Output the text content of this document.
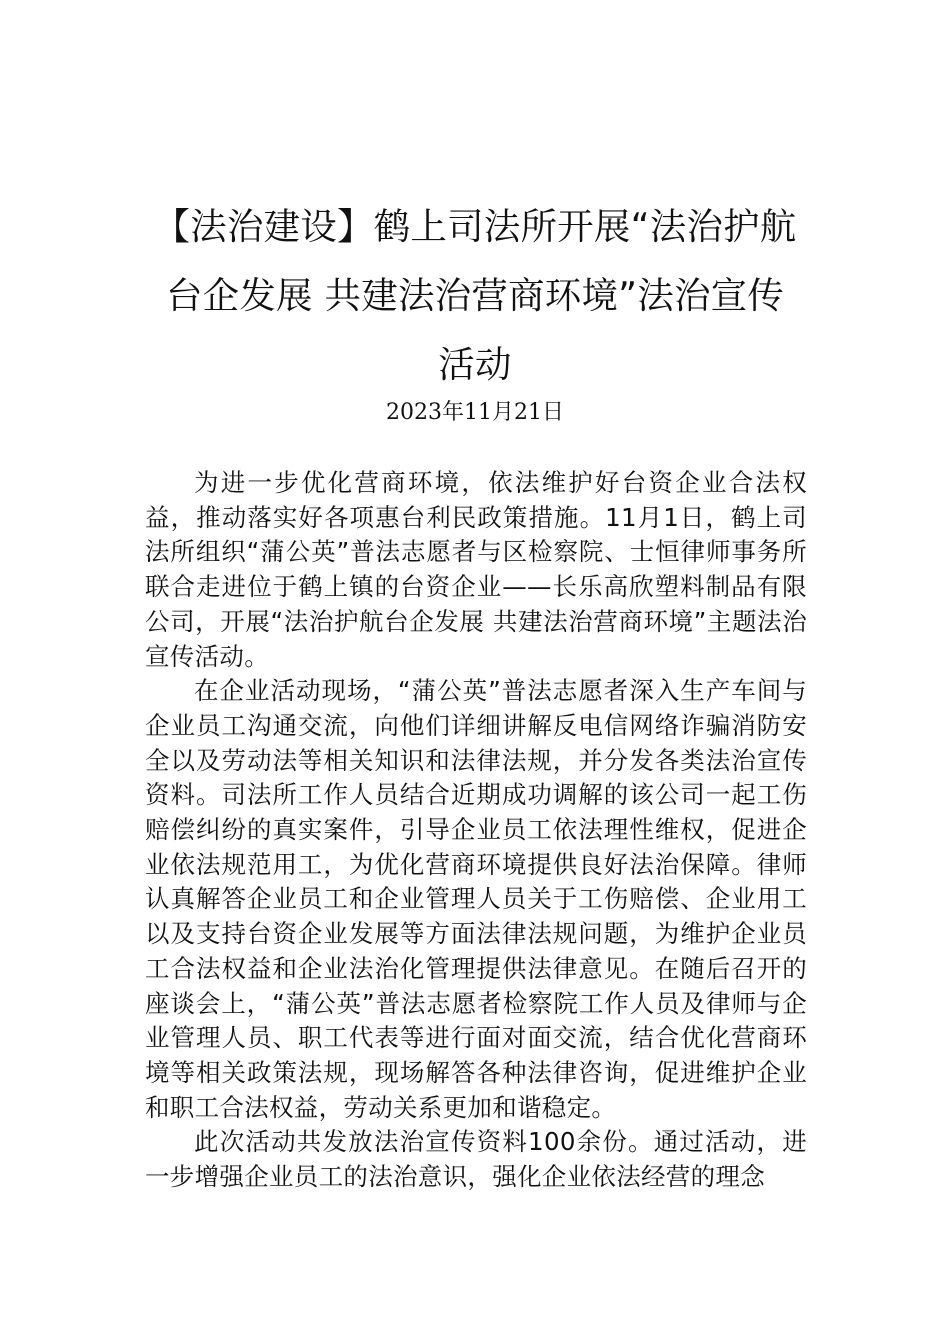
【法治建设】鹤上司法所开展“法治护航台企发展 共建法治营商环境”法治宣传活动
2023年11月21日

为进一步优化营商环境，依法维护好台资企业合法权益，推动落实好各项惠台利民政策措施。11月1日，鹤上司法所组织“蒲公英”普法志愿者与区检察院、士恒律师事务所联合走进位于鹤上镇的台资企业——长乐高欣塑料制品有限公司，开展“法治护航台企发展 共建法治营商环境”主题法治宣传活动。

在企业活动现场，“蒲公英”普法志愿者深入生产车间与企业员工沟通交流，向他们详细讲解反电信网络诈骗消防安全以及劳动法等相关知识和法律法规，并分发各类法治宣传资料。司法所工作人员结合近期成功调解的该公司一起工伤赔偿纠纷的真实案件，引导企业员工依法理性维权，促进企业依法规范用工，为优化营商环境提供良好法治保障。律师认真解答企业员工和企业管理人员关于工伤赔偿、企业用工以及支持台资企业发展等方面法律法规问题，为维护企业员工合法权益和企业法治化管理提供法律意见。在随后召开的座谈会上，“蒲公英”普法志愿者检察院工作人员及律师与企业管理人员、职工代表等进行面对面交流，结合优化营商环境等相关政策法规，现场解答各种法律咨询，促进维护企业和职工合法权益，劳动关系更加和谐稳定。

此次活动共发放法治宣传资料100余份。通过活动，进一步增强企业员工的法治意识，强化企业依法经营的理念
